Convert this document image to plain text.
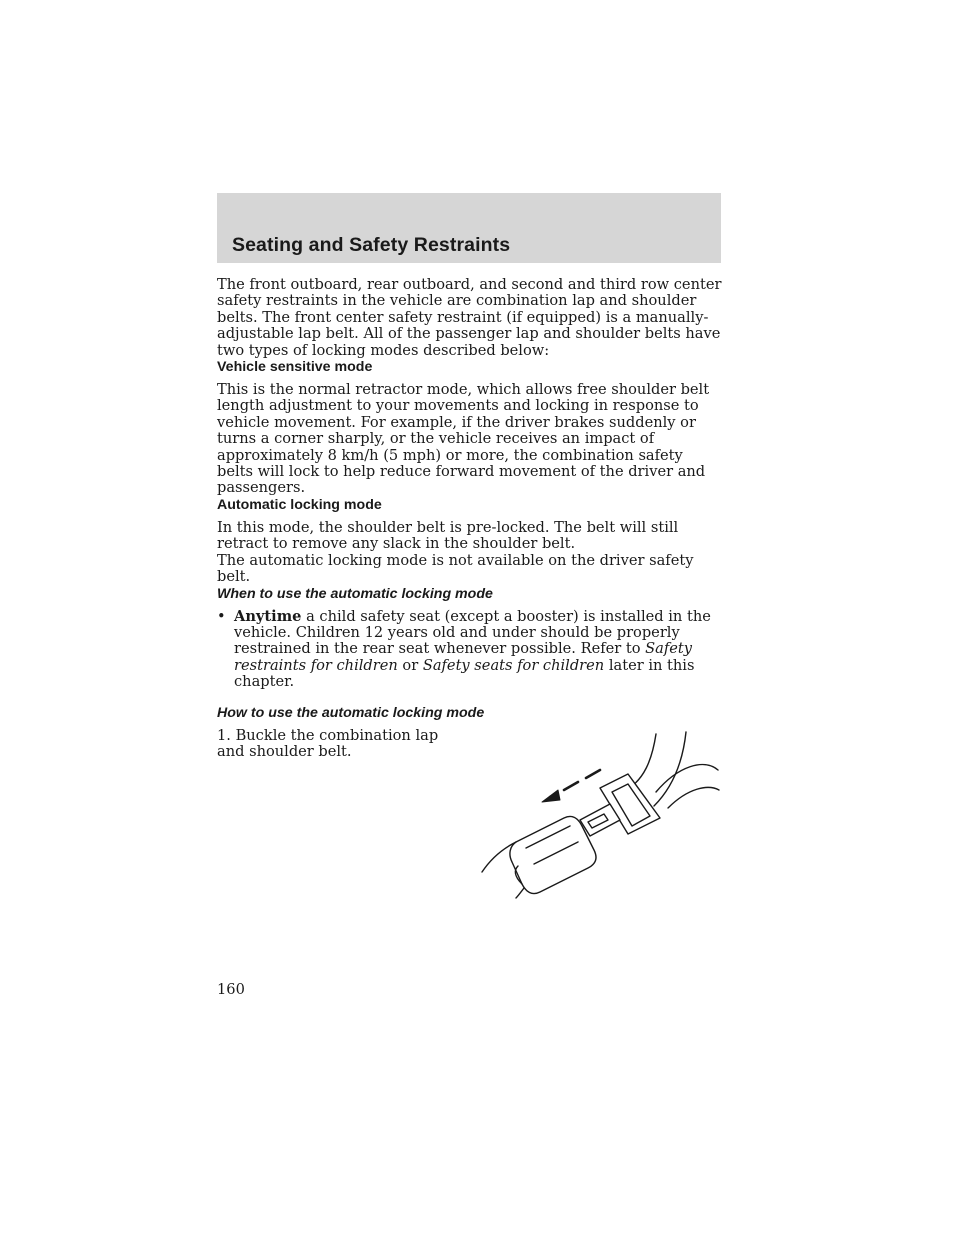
Seating and Safety Restraints

The front outboard, rear outboard, and second and third row center safety restraints in the vehicle are combination lap and shoulder belts. The front center safety restraint (if equipped) is a manually-adjustable lap belt. All of the passenger lap and shoulder belts have two types of locking modes described below:

Vehicle sensitive mode

This is the normal retractor mode, which allows free shoulder belt length adjustment to your movements and locking in response to vehicle movement. For example, if the driver brakes suddenly or turns a corner sharply, or the vehicle receives an impact of approximately 8 km/h (5 mph) or more, the combination safety belts will lock to help reduce forward movement of the driver and passengers.

Automatic locking mode

In this mode, the shoulder belt is pre-locked. The belt will still retract to remove any slack in the shoulder belt.

The automatic locking mode is not available on the driver safety belt.

When to use the automatic locking mode
• Anytime a child safety seat (except a booster) is installed in the vehicle. Children 12 years old and under should be properly restrained in the rear seat whenever possible. Refer to Safety restraints for children or Safety seats for children later in this chapter.
How to use the automatic locking mode

1. Buckle the combination lap and shoulder belt.

160
